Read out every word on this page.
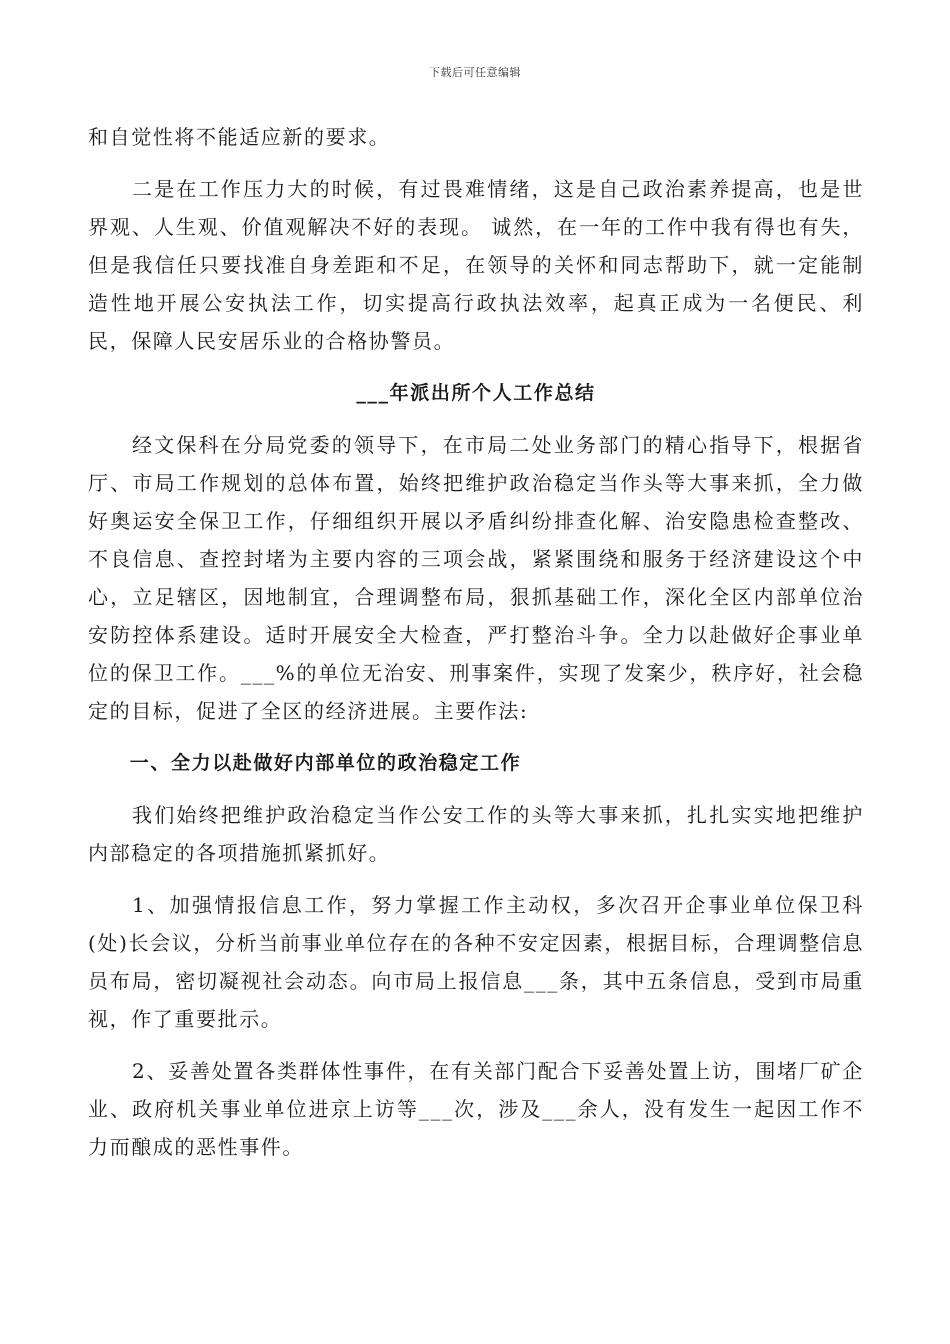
下载后可任意编辑

和自觉性将不能适应新的要求。

二是在工作压力大的时候，有过畏难情绪，这是自己政治素养提高，也是世界观、人生观、价值观解决不好的表现。 诚然，在一年的工作中我有得也有失，但是我信任只要找准自身差距和不足，在领导的关怀和同志帮助下，就一定能制造性地开展公安执法工作，切实提高行政执法效率，起真正成为一名便民、利民，保障人民安居乐业的合格协警员。

___年派出所个人工作总结

经文保科在分局党委的领导下，在市局二处业务部门的精心指导下，根据省厅、市局工作规划的总体布置，始终把维护政治稳定当作头等大事来抓，全力做好奥运安全保卫工作，仔细组织开展以矛盾纠纷排查化解、治安隐患检查整改、不良信息、查控封堵为主要内容的三项会战，紧紧围绕和服务于经济建设这个中心，立足辖区，因地制宜，合理调整布局，狠抓基础工作，深化全区内部单位治安防控体系建设。适时开展安全大检查，严打整治斗争。全力以赴做好企事业单位的保卫工作。___%的单位无治安、刑事案件，实现了发案少，秩序好，社会稳定的目标，促进了全区的经济进展。主要作法:

一、全力以赴做好内部单位的政治稳定工作

我们始终把维护政治稳定当作公安工作的头等大事来抓，扎扎实实地把维护内部稳定的各项措施抓紧抓好。

1、加强情报信息工作，努力掌握工作主动权，多次召开企事业单位保卫科(处)长会议，分析当前事业单位存在的各种不安定因素，根据目标，合理调整信息员布局，密切凝视社会动态。向市局上报信息___条，其中五条信息，受到市局重视，作了重要批示。

2、妥善处置各类群体性事件，在有关部门配合下妥善处置上访，围堵厂矿企业、政府机关事业单位进京上访等___次，涉及___余人，没有发生一起因工作不力而酿成的恶性事件。
